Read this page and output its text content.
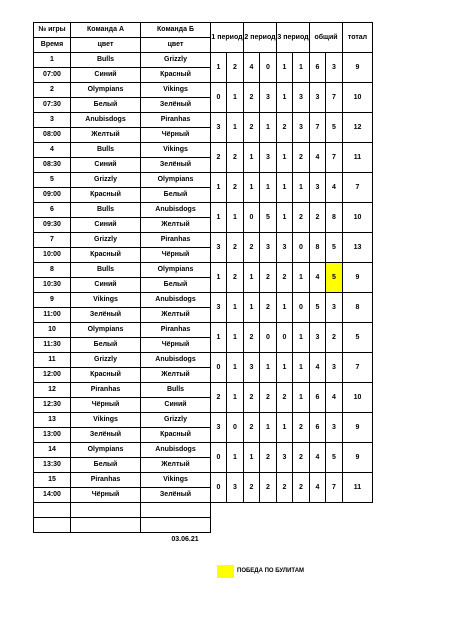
№ игры	Команда А	Команда Б	1 период		2 период		3 период		общий		тотал
Время	цвет	цвет									
1	Bulls	Grizzly	1	2	4	0	1	1	6	3	9
07:00	Синий	Красный									
2	Olympians	Vikings	0	1	2	3	1	3	3	7	10
07:30	Белый	Зелёный									
3	Anubisdogs	Piranhas	3	1	2	1	2	3	7	5	12
08:00	Желтый	Чёрный									
4	Bulls	Vikings	2	2	1	3	1	2	4	7	11
08:30	Синий	Зелёный									
5	Grizzly	Olympians	1	2	1	1	1	1	3	4	7
09:00	Красный	Белый									
6	Bulls	Anubisdogs	1	1	0	5	1	2	2	8	10
09:30	Синий	Желтый									
7	Grizzly	Piranhas	3	2	2	3	3	0	8	5	13
10:00	Красный	Чёрный									
8	Bulls	Olympians	1	2	1	2	2	1	4	5	9
10:30	Синий	Белый									
9	Vikings	Anubisdogs	3	1	1	2	1	0	5	3	8
11:00	Зелёный	Желтый									
10	Olympians	Piranhas	1	1	2	0	0	1	3	2	5
11:30	Белый	Чёрный									
11	Grizzly	Anubisdogs	0	1	3	1	1	1	4	3	7
12:00	Красный	Желтый									
12	Piranhas	Bulls	2	1	2	2	2	1	6	4	10
12:30	Чёрный	Синий									
13	Vikings	Grizzly	3	0	2	1	1	2	6	3	9
13:00	Зелёный	Красный									
14	Olympians	Anubisdogs	0	1	1	2	3	2	4	5	9
13:30	Белый	Желтый									
15	Piranhas	Vikings	0	3	2	2	2	2	4	7	11
14:00	Чёрный	Зелёный									

03.06.21
ПОБЕДА ПО БУЛИТАМ
